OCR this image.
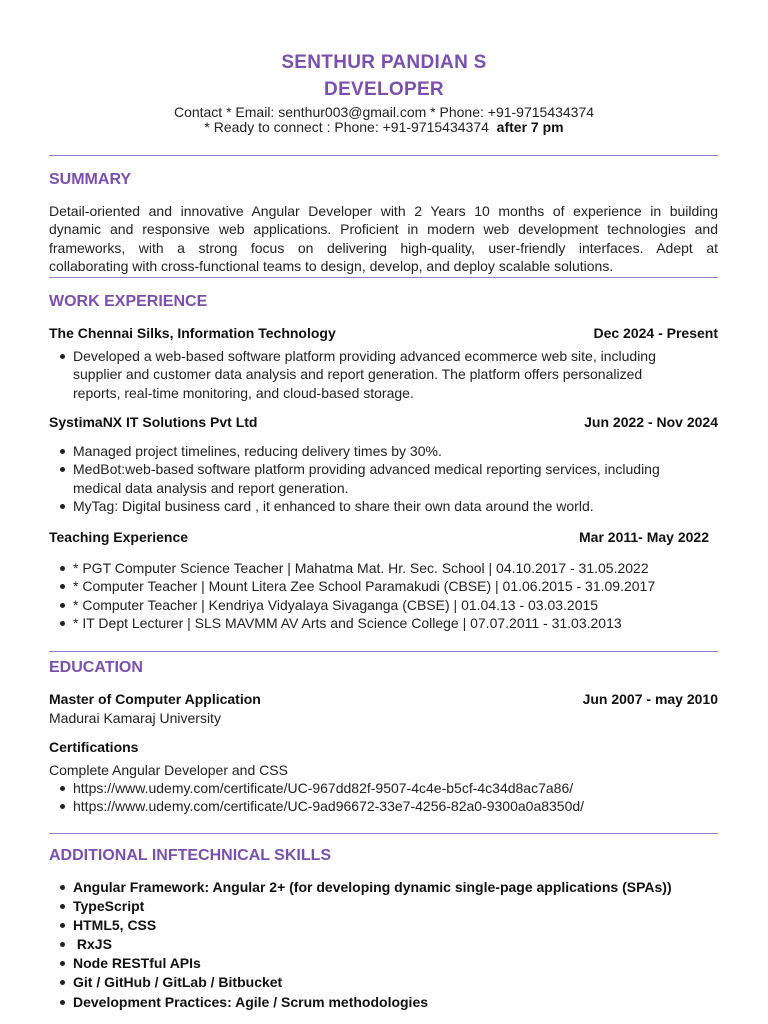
SENTHUR PANDIAN S
DEVELOPER
Contact * Email: senthur003@gmail.com * Phone: +91-9715434374
* Ready to connect : Phone: +91-9715434374 after 7 pm
SUMMARY
Detail-oriented and innovative Angular Developer with 2 Years 10 months of experience in building
dynamic and responsive web applications. Proficient in modern web development technologies and
frameworks, with a strong focus on delivering high-quality, user-friendly interfaces. Adept at
collaborating with cross-functional teams to design, develop, and deploy scalable solutions.
WORK EXPERIENCE
The Chennai Silks, Information Technology	Dec 2024 - Present
Developed a web-based software platform providing advanced ecommerce web site, including supplier and customer data analysis and report generation. The platform offers personalized reports, real-time monitoring, and cloud-based storage.
SystimaNX IT Solutions Pvt Ltd	Jun 2022 - Nov 2024
Managed project timelines, reducing delivery times by 30%.
MedBot:web-based software platform providing advanced medical reporting services, including medical data analysis and report generation.
MyTag: Digital business card , it enhanced to share their own data around the world.
Teaching Experience	Mar 2011- May 2022
* PGT Computer Science Teacher | Mahatma Mat. Hr. Sec. School | 04.10.2017 - 31.05.2022
* Computer Teacher | Mount Litera Zee School Paramakudi (CBSE) | 01.06.2015 - 31.09.2017
* Computer Teacher | Kendriya Vidyalaya Sivaganga (CBSE) | 01.04.13 - 03.03.2015
* IT Dept Lecturer | SLS MAVMM AV Arts and Science College | 07.07.2011 - 31.03.2013
EDUCATION
Master of Computer Application	Jun 2007 - may 2010
Madurai Kamaraj University
Certifications
Complete Angular Developer and CSS
https://www.udemy.com/certificate/UC-967dd82f-9507-4c4e-b5cf-4c34d8ac7a86/
https://www.udemy.com/certificate/UC-9ad96672-33e7-4256-82a0-9300a0a8350d/
ADDITIONAL INFTECHNICAL SKILLS
Angular Framework: Angular 2+ (for developing dynamic single-page applications (SPAs))
TypeScript
HTML5, CSS
RxJS
Node RESTful APIs
Git / GitHub / GitLab / Bitbucket
Development Practices: Agile / Scrum methodologies
